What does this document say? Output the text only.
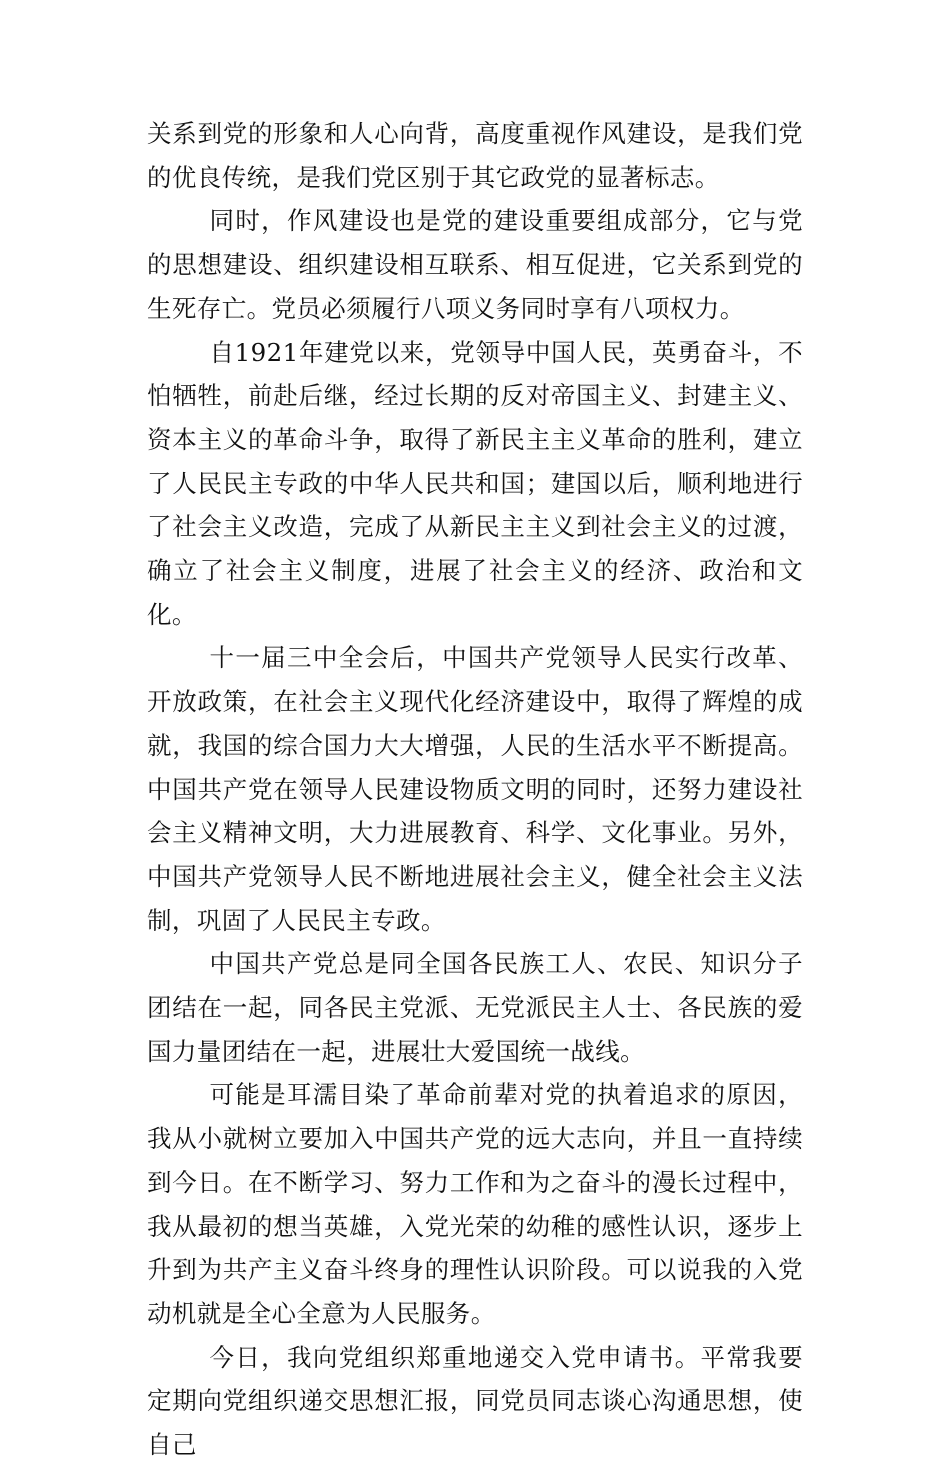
关系到党的形象和人心向背，高度重视作风建设，是我们党的优良传统，是我们党区别于其它政党的显著标志。

同时，作风建设也是党的建设重要组成部分，它与党的思想建设、组织建设相互联系、相互促进，它关系到党的生死存亡。党员必须履行八项义务同时享有八项权力。

自1921年建党以来，党领导中国人民，英勇奋斗，不怕牺牲，前赴后继，经过长期的反对帝国主义、封建主义、资本主义的革命斗争，取得了新民主主义革命的胜利，建立了人民民主专政的中华人民共和国；建国以后，顺利地进行了社会主义改造，完成了从新民主主义到社会主义的过渡，确立了社会主义制度，进展了社会主义的经济、政治和文化。

十一届三中全会后，中国共产党领导人民实行改革、开放政策，在社会主义现代化经济建设中，取得了辉煌的成就，我国的综合国力大大增强，人民的生活水平不断提高。中国共产党在领导人民建设物质文明的同时，还努力建设社会主义精神文明，大力进展教育、科学、文化事业。另外，中国共产党领导人民不断地进展社会主义，健全社会主义法制，巩固了人民民主专政。

中国共产党总是同全国各民族工人、农民、知识分子团结在一起，同各民主党派、无党派民主人士、各民族的爱国力量团结在一起，进展壮大爱国统一战线。

可能是耳濡目染了革命前辈对党的执着追求的原因，我从小就树立要加入中国共产党的远大志向，并且一直持续到今日。在不断学习、努力工作和为之奋斗的漫长过程中，我从最初的想当英雄，入党光荣的幼稚的感性认识，逐步上升到为共产主义奋斗终身的理性认识阶段。可以说我的入党动机就是全心全意为人民服务。

今日，我向党组织郑重地递交入党申请书。平常我要定期向党组织递交思想汇报，同党员同志谈心沟通思想，使自己
